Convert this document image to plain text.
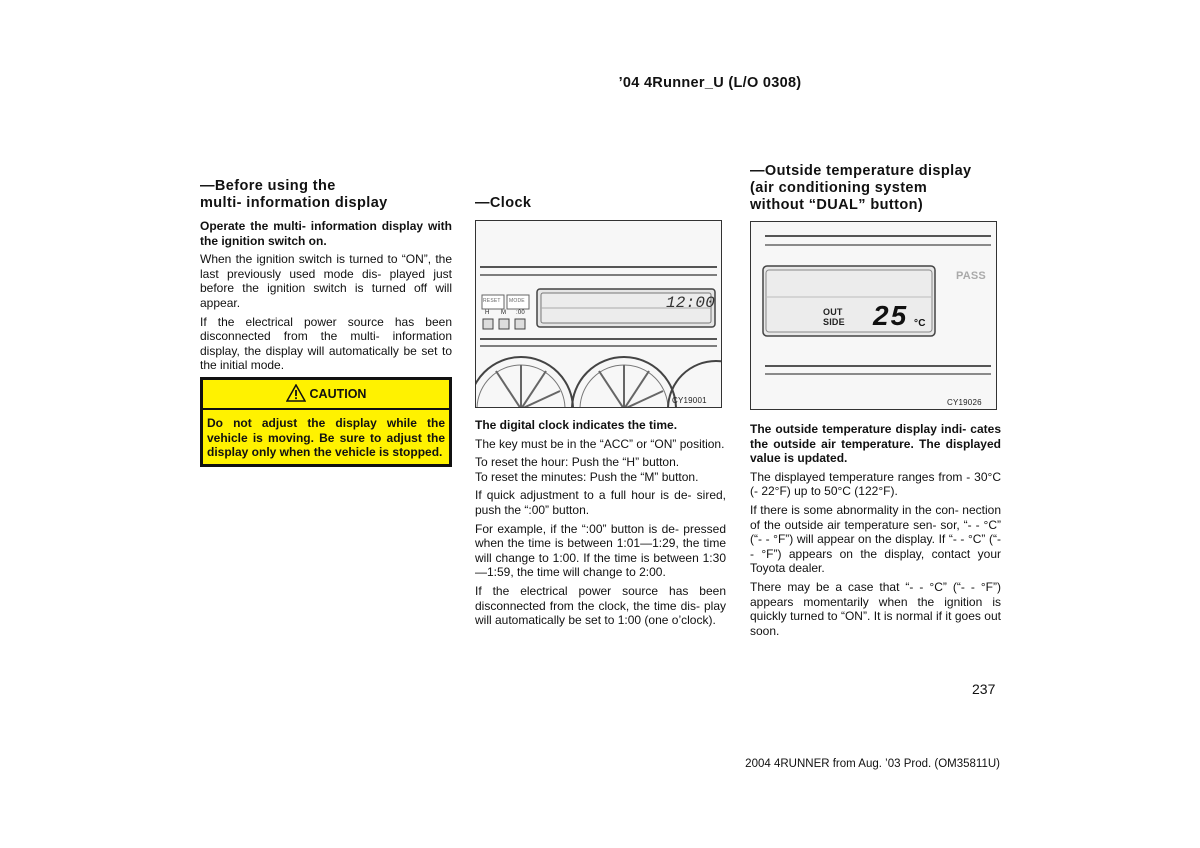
’04 4Runner_U (L/O 0308)
—Before using the
multi- information display

Operate the multi- information display with the ignition switch on.

When the ignition switch is turned to “ON”, the last previously used mode dis- played just before the ignition switch is turned off will appear.

If the electrical power source has been disconnected from the multi- information display, the display will automatically be set to the initial mode.

CAUTION
Do not adjust the display while the vehicle is moving. Be sure to adjust the display only when the vehicle is stopped.
—Clock
RESET MODE
H M :00
12:00
CY19001

The digital clock indicates the time.

The key must be in the “ACC” or “ON” position.

To reset the hour: Push the “H” button.

To reset the minutes: Push the “M” button.

If quick adjustment to a full hour is de- sired, push the “:00” button.

For example, if the “:00” button is de- pressed when the time is between 1:01—1:29, the time will change to 1:00. If the time is between 1:30—1:59, the time will change to 2:00.

If the electrical power source has been disconnected from the clock, the time dis- play will automatically be set to 1:00 (one o’clock).

—Outside temperature display
(air conditioning system
without “DUAL” button)
PASS
OUT
SIDE 25 °C
CY19026

The outside temperature display indi- cates the outside air temperature. The displayed value is updated.

The displayed temperature ranges from - 30°C (- 22°F) up to 50°C (122°F).

If there is some abnormality in the con- nection of the outside air temperature sen- sor, “- - °C” (“- - °F”) will appear on the display. If “- - °C” (“- - °F”) appears on the display, contact your Toyota dealer.

There may be a case that “- - °C” (“- - °F”) appears momentarily when the ignition is quickly turned to “ON”. It is normal if it goes out soon.

237
2004 4RUNNER from Aug. ’03 Prod. (OM35811U)
